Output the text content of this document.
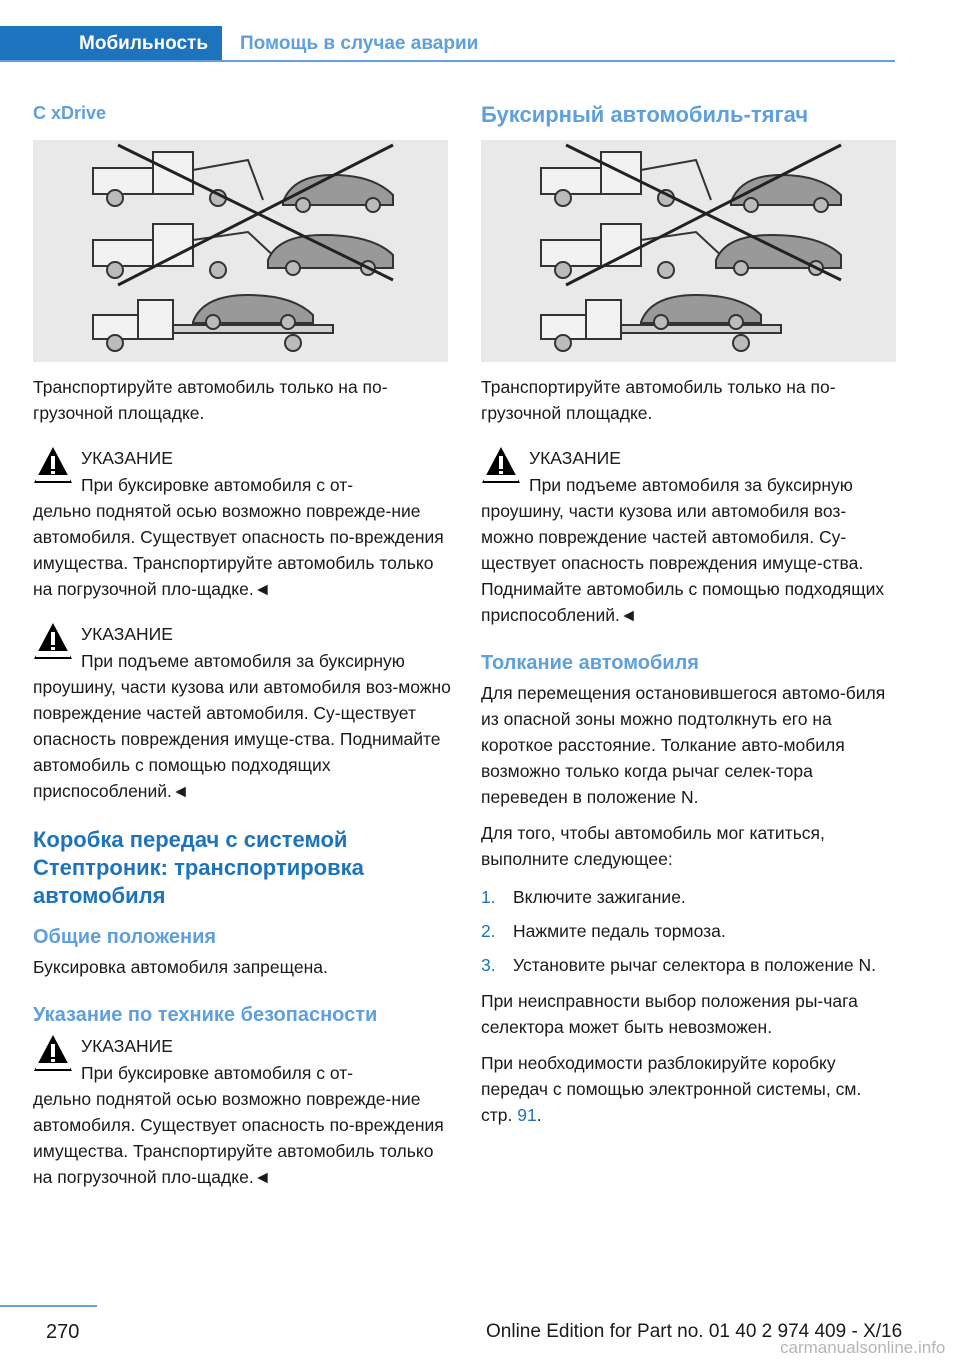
Мобильность	Помощь в случае аварии
С xDrive

Транспортируйте автомобиль только на по-грузочной площадке.

УКАЗАНИЕ

При буксировке автомобиля с от-

дельно поднятой осью возможно поврежде-ние автомобиля. Существует опасность по-вреждения имущества. Транспортируйте автомобиль только на погрузочной пло-щадке.◄

УКАЗАНИЕ

При подъеме автомобиля за буксирную

проушину, части кузова или автомобиля воз-можно повреждение частей автомобиля. Су-ществует опасность повреждения имуще-ства. Поднимайте автомобиль с помощью подходящих приспособлений.◄

Коробка передач с системой Стептроник: транспортировка автомобиля
Общие положения

Буксировка автомобиля запрещена.

Указание по технике безопасности
УКАЗАНИЕ

При буксировке автомобиля с от-

дельно поднятой осью возможно поврежде-ние автомобиля. Существует опасность по-вреждения имущества. Транспортируйте автомобиль только на погрузочной пло-щадке.◄

Буксирный автомобиль-тягач

Транспортируйте автомобиль только на по-грузочной площадке.

УКАЗАНИЕ

При подъеме автомобиля за буксирную

проушину, части кузова или автомобиля воз-можно повреждение частей автомобиля. Су-ществует опасность повреждения имуще-ства. Поднимайте автомобиль с помощью подходящих приспособлений.◄

Толкание автомобиля

Для перемещения остановившегося автомо-биля из опасной зоны можно подтолкнуть его на короткое расстояние. Толкание авто-мобиля возможно только когда рычаг селек-тора переведен в положение N.

Для того, чтобы автомобиль мог катиться, выполните следующее:

1. Включите зажигание.
2. Нажмите педаль тормоза.
3. Установите рычаг селектора в положение N.

При неисправности выбор положения ры-чага селектора может быть невозможен.

При необходимости разблокируйте коробку передач с помощью электронной системы, см. стр. 91.

270	Online Edition for Part no. 01 40 2 974 409 - X/16
carmanualsonline.info
